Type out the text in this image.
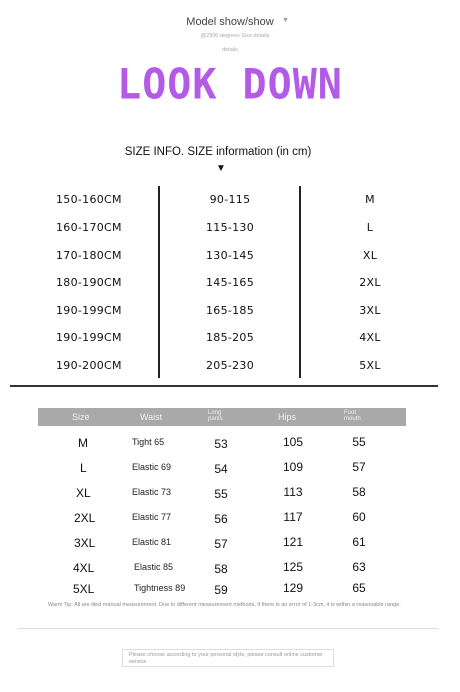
Model show/show	▼
@2900 degrees Size details
details
LOOK DOWN
SIZE INFO. SIZE information (in cm)
▼
150-160CM	90-115	M
160-170CM	115-130	L
170-180CM	130-145	XL
180-190CM	145-165	2XL
190-199CM	165-185	3XL
190-199CM	185-205	4XL
190-200CM	205-230	5XL
Size	Waist	Long pants	Hips	Foot mouth
M	Tight 65	53	105	55
L	Elastic 69	54	109	57
XL	Elastic 73	55	113	58
2XL	Elastic 77	56	117	60
3XL	Elastic 81	57	121	61
4XL	Elastic 85	58	125	63
5XL	Tightness 89	59	129	65
Warm Tip: All are tiled manual measurement. Due to different measurement methods, if there is an error of 1-3cm, it is within a reasonable range.
Please choose according to your personal style, please consult online customer service
